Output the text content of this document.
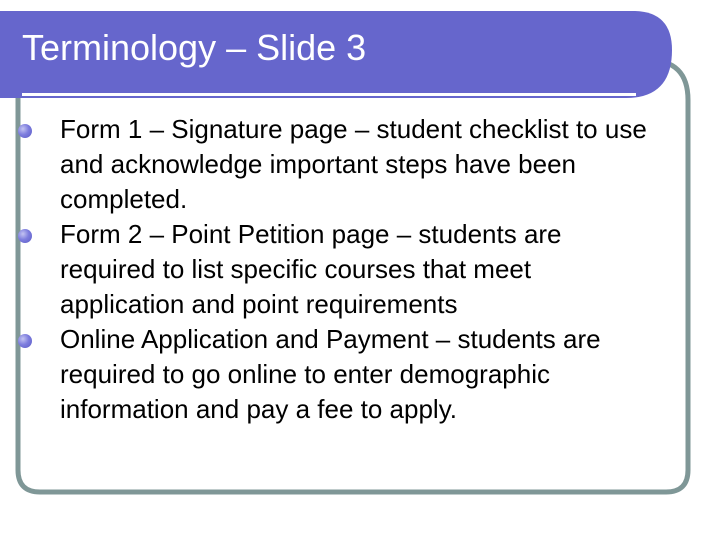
Terminology – Slide 3
Form 1 – Signature page – student checklist to use and acknowledge important steps have been completed.
Form 2 – Point Petition page – students are required to list specific courses that meet application and point requirements
Online Application and Payment – students are required to go online to enter demographic information and pay a fee to apply.
